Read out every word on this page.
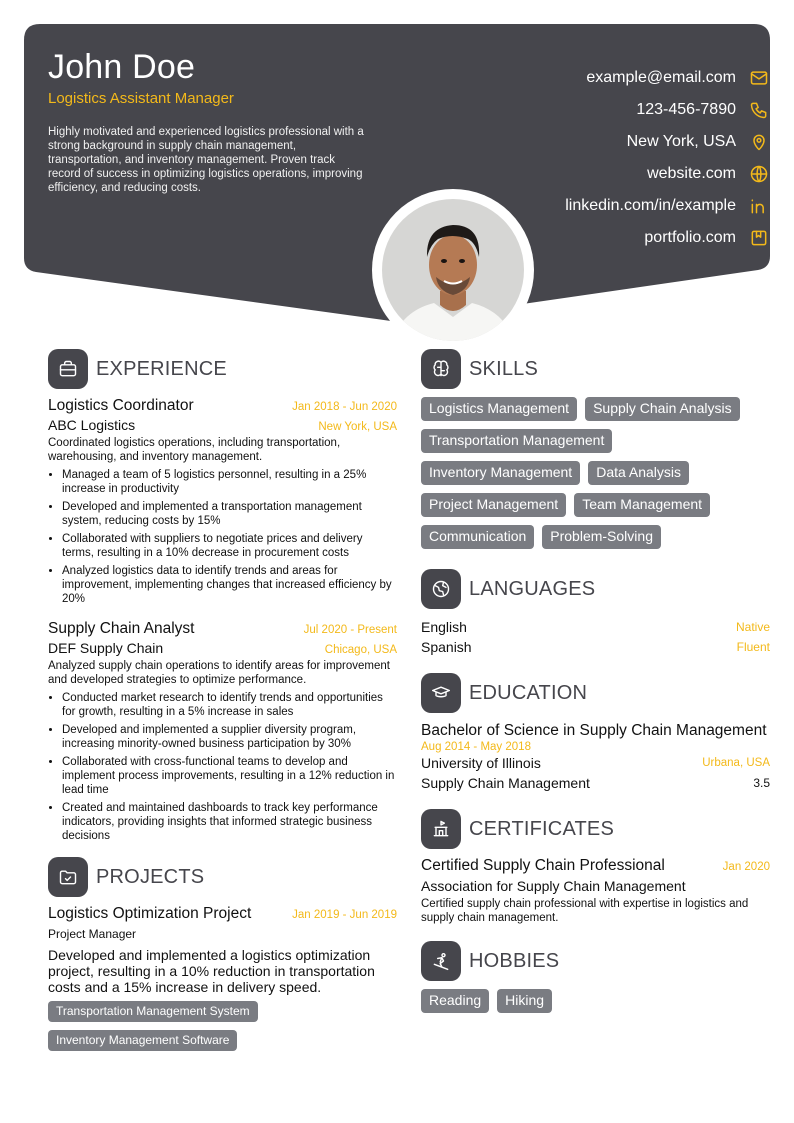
John Doe
Logistics Assistant Manager
Highly motivated and experienced logistics professional with a strong background in supply chain management, transportation, and inventory management. Proven track record of success in optimizing logistics operations, improving efficiency, and reducing costs.
example@email.com
123-456-7890
New York, USA
website.com
linkedin.com/in/example
portfolio.com
EXPERIENCE
Logistics Coordinator	Jan 2018 - Jun 2020
ABC Logistics	New York, USA
Coordinated logistics operations, including transportation, warehousing, and inventory management.
• Managed a team of 5 logistics personnel, resulting in a 25% increase in productivity
• Developed and implemented a transportation management system, reducing costs by 15%
• Collaborated with suppliers to negotiate prices and delivery terms, resulting in a 10% decrease in procurement costs
• Analyzed logistics data to identify trends and areas for improvement, implementing changes that increased efficiency by 20%
Supply Chain Analyst	Jul 2020 - Present
DEF Supply Chain	Chicago, USA
Analyzed supply chain operations to identify areas for improvement and developed strategies to optimize performance.
• Conducted market research to identify trends and opportunities for growth, resulting in a 5% increase in sales
• Developed and implemented a supplier diversity program, increasing minority-owned business participation by 30%
• Collaborated with cross-functional teams to develop and implement process improvements, resulting in a 12% reduction in lead time
• Created and maintained dashboards to track key performance indicators, providing insights that informed strategic business decisions
PROJECTS
Logistics Optimization Project	Jan 2019 - Jun 2019
Project Manager
Developed and implemented a logistics optimization project, resulting in a 10% reduction in transportation costs and a 15% increase in delivery speed.
Transportation Management System
Inventory Management Software
SKILLS
Logistics Management	Supply Chain Analysis
Transportation Management
Inventory Management	Data Analysis
Project Management	Team Management
Communication	Problem-Solving
LANGUAGES
English	Native
Spanish	Fluent
EDUCATION
Bachelor of Science in Supply Chain Management
Aug 2014 - May 2018
University of Illinois	Urbana, USA
Supply Chain Management	3.5
CERTIFICATES
Certified Supply Chain Professional	Jan 2020
Association for Supply Chain Management
Certified supply chain professional with expertise in logistics and supply chain management.
HOBBIES
Reading	Hiking
